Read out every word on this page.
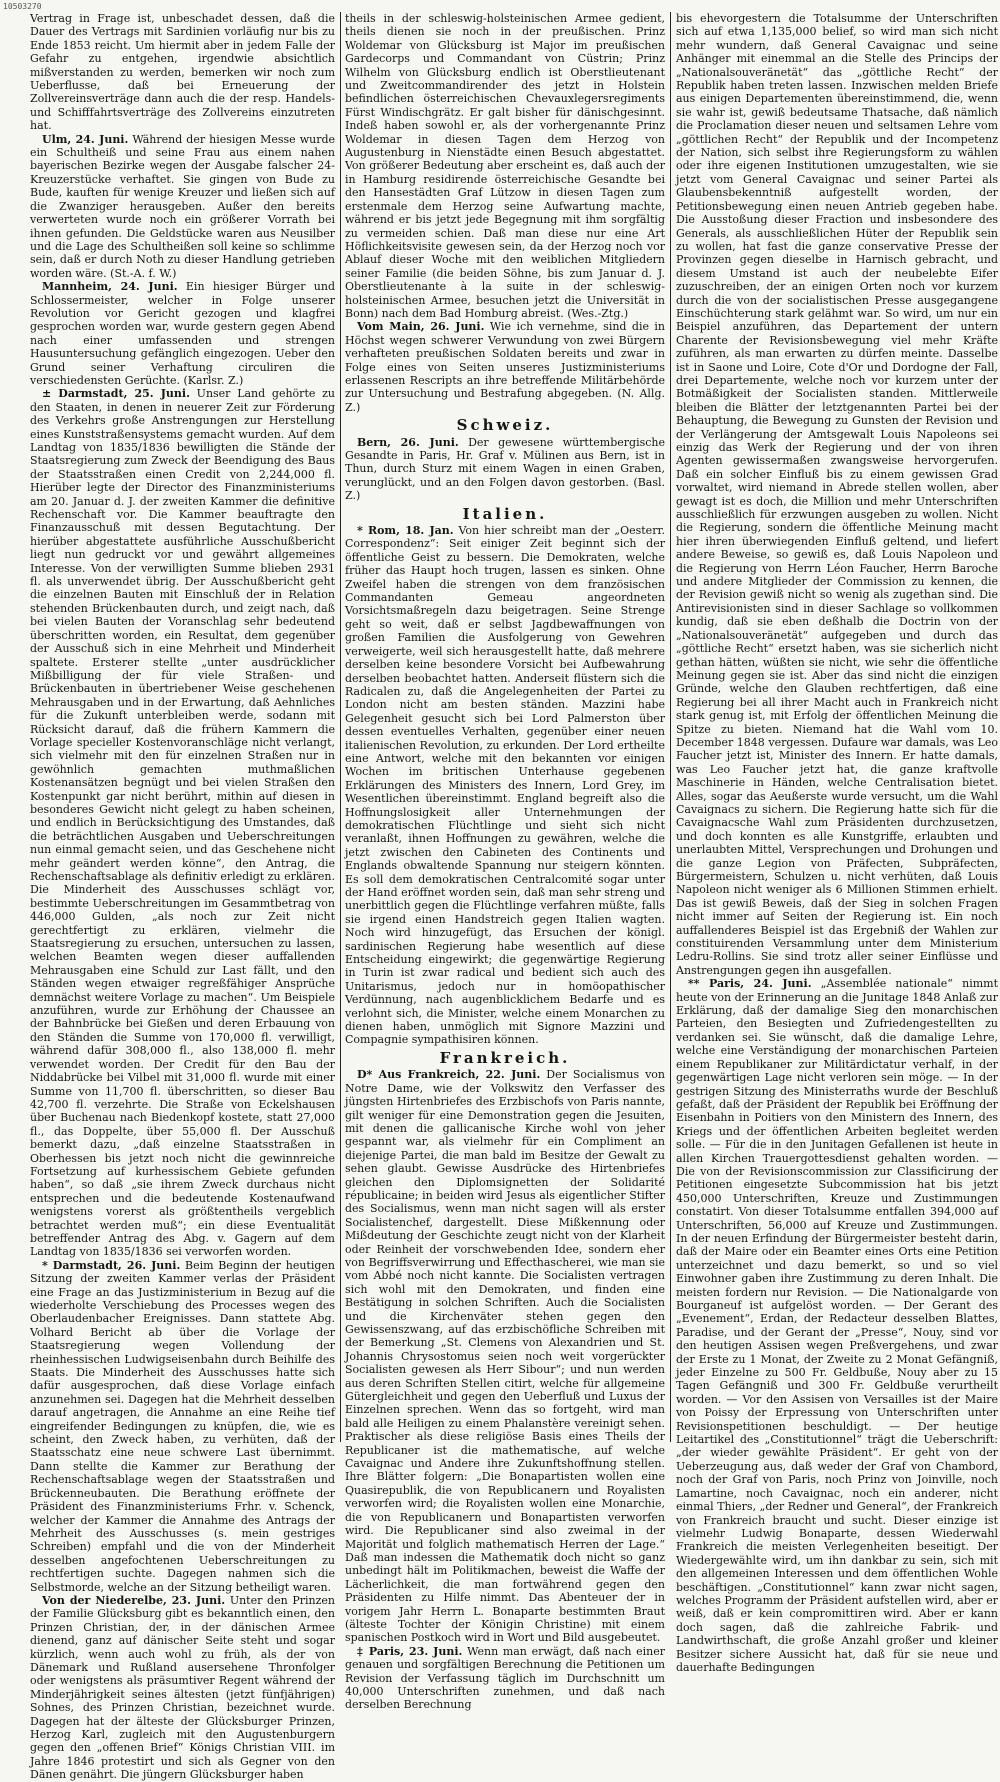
10503270

Vertrag in Frage ist, unbeschadet dessen, daß die Dauer des Vertrags mit Sardinien vorläufig nur bis zu Ende 1853 reicht. Um hiermit aber in jedem Falle der Gefahr zu entgehen, irgendwie absichtlich mißverstanden zu werden, bemerken wir noch zum Ueberflusse, daß bei Erneuerung der Zollvereinsverträge dann auch die der resp. Handels- und Schifffahrtsverträge des Zollvereins einzutreten hat.

Ulm, 24. Juni. Während der hiesigen Messe wurde ein Schultheiß und seine Frau aus einem nahen bayerischen Bezirke wegen der Ausgabe falscher 24-Kreuzerstücke verhaftet. Sie gingen von Bude zu Bude, kauften für wenige Kreuzer und ließen sich auf die Zwanziger herausgeben. Außer den bereits verwerteten wurde noch ein größerer Vorrath bei ihnen gefunden. Die Geldstücke waren aus Neusilber und die Lage des Schultheißen soll keine so schlimme sein, daß er durch Noth zu dieser Handlung getrieben worden wäre. (St.-A. f. W.)

Mannheim, 24. Juni. Ein hiesiger Bürger und Schlossermeister, welcher in Folge unserer Revolution vor Gericht gezogen und klagfrei gesprochen worden war, wurde gestern gegen Abend nach einer umfassenden und strengen Hausuntersuchung gefänglich eingezogen. Ueber den Grund seiner Verhaftung circuliren die verschiedensten Gerüchte. (Karlsr. Z.)

± Darmstadt, 25. Juni. Unser Land gehörte zu den Staaten, in denen in neuerer Zeit zur Förderung des Verkehrs große Anstrengungen zur Herstellung eines Kunststraßensystems gemacht wurden. Auf dem Landtag von 1835/1836 bewilligten die Stände der Staatsregierung zum Zweck der Beendigung des Baus der Staatsstraßen einen Credit von 2,244,000 fl. Hierüber legte der Director des Finanzministeriums am 20. Januar d. J. der zweiten Kammer die definitive Rechenschaft vor. Die Kammer beauftragte den Finanzausschuß mit dessen Begutachtung. Der hierüber abgestattete ausführliche Ausschußbericht liegt nun gedruckt vor und gewährt allgemeines Interesse. Von der verwilligten Summe blieben 2931 fl. als unverwendet übrig. Der Ausschußbericht geht die einzelnen Bauten mit Einschluß der in Relation stehenden Brückenbauten durch, und zeigt nach, daß bei vielen Bauten der Voranschlag sehr bedeutend überschritten worden, ein Resultat, dem gegenüber der Ausschuß sich in eine Mehrheit und Minderheit spaltete. Ersterer stellte „unter ausdrücklicher Mißbilligung der für viele Straßen- und Brückenbauten in übertriebener Weise geschehenen Mehrausgaben und in der Erwartung, daß Aehnliches für die Zukunft unterbleiben werde, sodann mit Rücksicht darauf, daß die frühern Kammern die Vorlage specieller Kostenvoranschläge nicht verlangt, sich vielmehr mit den für einzelnen Straßen nur in gewöhnlich gemachten muthmaßlichen Kostenansätzen begnügt und bei vielen Straßen den Kostenpunkt gar nicht berührt, mithin auf diesen in besonderes Gewicht nicht gelegt zu haben scheinen, und endlich in Berücksichtigung des Umstandes, daß die beträchtlichen Ausgaben und Ueberschreitungen nun einmal gemacht seien, und das Geschehene nicht mehr geändert werden könne“, den Antrag, die Rechenschaftsablage als definitiv erledigt zu erklären. Die Minderheit des Ausschusses schlägt vor, bestimmte Ueberschreitungen im Gesammtbetrag von 446,000 Gulden, „als noch zur Zeit nicht gerechtfertigt zu erklären, vielmehr die Staatsregierung zu ersuchen, untersuchen zu lassen, welchen Beamten wegen dieser auffallenden Mehrausgaben eine Schuld zur Last fällt, und den Ständen wegen etwaiger regreßfähiger Ansprüche demnächst weitere Vorlage zu machen“. Um Beispiele anzuführen, wurde zur Erhöhung der Chaussee an der Bahnbrücke bei Gießen und deren Erbauung von den Ständen die Summe von 170,000 fl. verwilligt, während dafür 308,000 fl., also 138,000 fl. mehr verwendet worden. Der Credit für den Bau der Niddabrücke bei Vilbel mit 31,000 fl. wurde mit einer Summe von 11,700 fl. überschritten, so dieser Bau 42,700 fl. verzehrte. Die Straße von Eckelshausen über Buchenau nach Biedenkopf kostete, statt 27,000 fl., das Doppelte, über 55,000 fl. Der Ausschuß bemerkt dazu, „daß einzelne Staatsstraßen in Oberhessen bis jetzt noch nicht die gewinnreiche Fortsetzung auf kurhessischem Gebiete gefunden haben“, so daß „sie ihrem Zweck durchaus nicht entsprechen und die bedeutende Kostenaufwand wenigstens vorerst als größtentheils vergeblich betrachtet werden muß“; ein diese Eventualität betreffender Antrag des Abg. v. Gagern auf dem Landtag von 1835/1836 sei verworfen worden.

* Darmstadt, 26. Juni. Beim Beginn der heutigen Sitzung der zweiten Kammer verlas der Präsident eine Frage an das Justizministerium in Bezug auf die wiederholte Verschiebung des Processes wegen des Oberlaudenbacher Ereignisses. Dann stattete Abg. Volhard Bericht ab über die Vorlage der Staatsregierung wegen Vollendung der rheinhessischen Ludwigseisenbahn durch Beihilfe des Staats. Die Minderheit des Ausschusses hatte sich dafür ausgesprochen, daß diese Vorlage einfach anzunehmen sei. Dagegen hat die Mehrheit desselben darauf angetragen, die Annahme an eine Reihe tief eingreifender Bedingungen zu knüpfen, die, wie es scheint, den Zweck haben, zu verhüten, daß der Staatsschatz eine neue schwere Last übernimmt. Dann stellte die Kammer zur Berathung der Rechenschaftsablage wegen der Staatsstraßen und Brückenneubauten. Die Berathung eröffnete der Präsident des Finanzministeriums Frhr. v. Schenck, welcher der Kammer die Annahme des Antrags der Mehrheit des Ausschusses (s. mein gestriges Schreiben) empfahl und die von der Minderheit desselben angefochtenen Ueberschreitungen zu rechtfertigen suchte. Dagegen nahmen sich die Selbstmorde, welche an der Sitzung betheiligt waren.

Von der Niederelbe, 23. Juni. Unter den Prinzen der Familie Glücksburg gibt es bekanntlich einen, den Prinzen Christian, der, in der dänischen Armee dienend, ganz auf dänischer Seite steht und sogar kürzlich, wenn auch wohl zu früh, als der von Dänemark und Rußland ausersehene Thronfolger oder wenigstens als präsumtiver Regent während der Minderjährigkeit seines ältesten (jetzt fünfjährigen) Sohnes, des Prinzen Christian, bezeichnet wurde. Dagegen hat der älteste der Glücksburger Prinzen, Herzog Karl, zugleich mit den Augustenburgern gegen den „offenen Brief“ Königs Christian VIII. im Jahre 1846 protestirt und sich als Gegner von den Dänen genährt. Die jüngern Glücksburger haben

theils in der schleswig-holsteinischen Armee gedient, theils dienen sie noch in der preußischen. Prinz Woldemar von Glücksburg ist Major im preußischen Gardecorps und Commandant von Cüstrin; Prinz Wilhelm von Glücksburg endlich ist Oberstlieutenant und Zweitcommandirender des jetzt in Holstein befindlichen österreichischen Chevauxlegersregiments Fürst Windischgrätz. Er galt bisher für dänischgesinnt. Indeß haben sowohl er, als der vorhergenannte Prinz Woldemar in diesen Tagen dem Herzog von Augustenburg in Nienstädte einen Besuch abgestattet. Von größerer Bedeutung aber erscheint es, daß auch der in Hamburg residirende österreichische Gesandte bei den Hansestädten Graf Lützow in diesen Tagen zum erstenmale dem Herzog seine Aufwartung machte, während er bis jetzt jede Begegnung mit ihm sorgfältig zu vermeiden schien. Daß man diese nur eine Art Höflichkeitsvisite gewesen sein, da der Herzog noch vor Ablauf dieser Woche mit den weiblichen Mitgliedern seiner Familie (die beiden Söhne, bis zum Januar d. J. Oberstlieutenante à la suite in der schleswig-holsteinischen Armee, besuchen jetzt die Universität in Bonn) nach dem Bad Homburg abreist. (Wes.-Ztg.)

Vom Main, 26. Juni. Wie ich vernehme, sind die in Höchst wegen schwerer Verwundung von zwei Bürgern verhafteten preußischen Soldaten bereits und zwar in Folge eines von Seiten unseres Justizministeriums erlassenen Rescripts an ihre betreffende Militärbehörde zur Untersuchung und Bestrafung abgegeben. (N. Allg. Z.)

Schweiz.

Bern, 26. Juni. Der gewesene württembergische Gesandte in Paris, Hr. Graf v. Mülinen aus Bern, ist in Thun, durch Sturz mit einem Wagen in einen Graben, verunglückt, und an den Folgen davon gestorben. (Basl. Z.)

Italien.

* Rom, 18. Jan. Von hier schreibt man der „Oesterr. Correspondenz“: Seit einiger Zeit beginnt sich der öffentliche Geist zu bessern. Die Demokraten, welche früher das Haupt hoch trugen, lassen es sinken. Ohne Zweifel haben die strengen von dem französischen Commandanten Gemeau angeordneten Vorsichtsmaßregeln dazu beigetragen. Seine Strenge geht so weit, daß er selbst Jagdbewaffnungen von großen Familien die Ausfolgerung von Gewehren verweigerte, weil sich herausgestellt hatte, daß mehrere derselben keine besondere Vorsicht bei Aufbewahrung derselben beobachtet hatten. Anderseit flüstern sich die Radicalen zu, daß die Angelegenheiten der Partei zu London nicht am besten ständen. Mazzini habe Gelegenheit gesucht sich bei Lord Palmerston über dessen eventuelles Verhalten, gegenüber einer neuen italienischen Revolution, zu erkunden. Der Lord ertheilte eine Antwort, welche mit den bekannten vor einigen Wochen im britischen Unterhause gegebenen Erklärungen des Ministers des Innern, Lord Grey, im Wesentlichen übereinstimmt. England begreift also die Hoffnungslosigkeit aller Unternehmungen der demokratischen Flüchtlinge und sieht sich nicht veranlaßt, ihnen Hoffnungen zu gewähren, welche die jetzt zwischen den Cabineten des Continents und Englands obwaltende Spannung nur steigern könnten. Es soll dem demokratischen Centralcomité sogar unter der Hand eröffnet worden sein, daß man sehr streng und unerbittlich gegen die Flüchtlinge verfahren müßte, falls sie irgend einen Handstreich gegen Italien wagten. Noch wird hinzugefügt, das Ersuchen der königl. sardinischen Regierung habe wesentlich auf diese Entscheidung eingewirkt; die gegenwärtige Regierung in Turin ist zwar radical und bedient sich auch des Unitarismus, jedoch nur in homöopathischer Verdünnung, nach augenblicklichem Bedarfe und es verlohnt sich, die Minister, welche einem Monarchen zu dienen haben, unmöglich mit Signore Mazzini und Compagnie sympathisiren können.

Frankreich.

D* Aus Frankreich, 22. Juni. Der Socialismus von Notre Dame, wie der Volkswitz den Verfasser des jüngsten Hirtenbriefes des Erzbischofs von Paris nannte, gilt weniger für eine Demonstration gegen die Jesuiten, mit denen die gallicanische Kirche wohl von jeher gespannt war, als vielmehr für ein Compliment an diejenige Partei, die man bald im Besitze der Gewalt zu sehen glaubt. Gewisse Ausdrücke des Hirtenbriefes gleichen den Diplomsignetten der Solidarité républicaine; in beiden wird Jesus als eigentlicher Stifter des Socialismus, wenn man nicht sagen will als erster Socialistenchef, dargestellt. Diese Mißkennung oder Mißdeutung der Geschichte zeugt nicht von der Klarheit oder Reinheit der vorschwebenden Idee, sondern eher von Begriffsverwirrung und Effecthascherei, wie man sie vom Abbé noch nicht kannte. Die Socialisten vertragen sich wohl mit den Demokraten, und finden eine Bestätigung in solchen Schriften. Auch die Socialisten und die Kirchenväter stehen gegen den Gewissenszwang, auf das erzbischöfliche Schreiben mit der Bemerkung „St. Clemens von Alexandrien und St. Johannis Chrysostomus seien noch weit vorgerückter Socialisten gewesen als Herr Sibour“; und nun werden aus deren Schriften Stellen citirt, welche für allgemeine Gütergleichheit und gegen den Ueberfluß und Luxus der Einzelnen sprechen. Wenn das so fortgeht, wird man bald alle Heiligen zu einem Phalanstère vereinigt sehen. Praktischer als diese religiöse Basis eines Theils der Republicaner ist die mathematische, auf welche Cavaignac und Andere ihre Zukunftshoffnung stellen. Ihre Blätter folgern: „Die Bonapartisten wollen eine Quasirepublik, die von Republicanern und Royalisten verworfen wird; die Royalisten wollen eine Monarchie, die von Republicanern und Bonapartisten verworfen wird. Die Republicaner sind also zweimal in der Majorität und folglich mathematisch Herren der Lage.“ Daß man indessen die Mathematik doch nicht so ganz unbedingt hält im Politikmachen, beweist die Waffe der Lächerlichkeit, die man fortwährend gegen den Präsidenten zu Hilfe nimmt. Das Abenteuer der in vorigem Jahr Herrn L. Bonaparte bestimmten Braut (älteste Tochter der Königin Christine) mit einem spanischen Postkoch wird in Wort und Bild ausgebeutet.

‡ Paris, 23. Juni. Wenn man erwägt, daß nach einer genauen und sorgfältigen Berechnung die Petitionen um Revision der Verfassung täglich im Durchschnitt um 40,000 Unterschriften zunehmen, und daß nach derselben Berechnung

bis ehevorgestern die Totalsumme der Unterschriften sich auf etwa 1,135,000 belief, so wird man sich nicht mehr wundern, daß General Cavaignac und seine Anhänger mit einemmal an die Stelle des Princips der „Nationalsouveränetät“ das „göttliche Recht“ der Republik haben treten lassen. Inzwischen melden Briefe aus einigen Departementen übereinstimmend, die, wenn sie wahr ist, gewiß bedeutsame Thatsache, daß nämlich die Proclamation dieser neuen und seltsamen Lehre vom „göttlichen Recht“ der Republik und der Incompetenz der Nation, sich selbst ihre Regierungsform zu wählen oder ihre eigenen Institutionen umzugestalten, wie sie jetzt vom General Cavaignac und seiner Partei als Glaubensbekenntniß aufgestellt worden, der Petitionsbewegung einen neuen Antrieb gegeben habe. Die Ausstoßung dieser Fraction und insbesondere des Generals, als ausschließlichen Hüter der Republik sein zu wollen, hat fast die ganze conservative Presse der Provinzen gegen dieselbe in Harnisch gebracht, und diesem Umstand ist auch der neubelebte Eifer zuzuschreiben, der an einigen Orten noch vor kurzem durch die von der socialistischen Presse ausgegangene Einschüchterung stark gelähmt war. So wird, um nur ein Beispiel anzuführen, das Departement der untern Charente der Revisionsbewegung viel mehr Kräfte zuführen, als man erwarten zu dürfen meinte. Dasselbe ist in Saone und Loire, Cote d'Or und Dordogne der Fall, drei Departemente, welche noch vor kurzem unter der Botmäßigkeit der Socialisten standen. Mittlerweile bleiben die Blätter der letztgenannten Partei bei der Behauptung, die Bewegung zu Gunsten der Revision und der Verlängerung der Amtsgewalt Louis Napoleons sei einzig das Werk der Regierung und der von ihren Agenten gewissermaßen zwangsweise hervorgerufen. Daß ein solcher Einfluß bis zu einem gewissen Grad vorwaltet, wird niemand in Abrede stellen wollen, aber gewagt ist es doch, die Million und mehr Unterschriften ausschließlich für erzwungen ausgeben zu wollen. Nicht die Regierung, sondern die öffentliche Meinung macht hier ihren überwiegenden Einfluß geltend, und liefert andere Beweise, so gewiß es, daß Louis Napoleon und die Regierung von Herrn Léon Faucher, Herrn Baroche und andere Mitglieder der Commission zu kennen, die der Revision gewiß nicht so wenig als zugethan sind. Die Antirevisionisten sind in dieser Sachlage so vollkommen kundig, daß sie eben deßhalb die Doctrin von der „Nationalsouveränetät“ aufgegeben und durch das „göttliche Recht“ ersetzt haben, was sie sicherlich nicht gethan hätten, wüßten sie nicht, wie sehr die öffentliche Meinung gegen sie ist. Aber das sind nicht die einzigen Gründe, welche den Glauben rechtfertigen, daß eine Regierung bei all ihrer Macht auch in Frankreich nicht stark genug ist, mit Erfolg der öffentlichen Meinung die Spitze zu bieten. Niemand hat die Wahl vom 10. December 1848 vergessen. Dufaure war damals, was Leo Faucher jetzt ist, Minister des Innern. Er hatte damals, was Leo Faucher jetzt hat, die ganze kraftvolle Maschinerie in Händen, welche Centralisation bietet. Alles, sogar das Aeußerste wurde versucht, um die Wahl Cavaignacs zu sichern. Die Regierung hatte sich für die Cavaignacsche Wahl zum Präsidenten durchzusetzen, und doch konnten es alle Kunstgriffe, erlaubten und unerlaubten Mittel, Versprechungen und Drohungen und die ganze Legion von Präfecten, Subpräfecten, Bürgermeistern, Schulzen u. nicht verhüten, daß Louis Napoleon nicht weniger als 6 Millionen Stimmen erhielt. Das ist gewiß Beweis, daß der Sieg in solchen Fragen nicht immer auf Seiten der Regierung ist. Ein noch auffallenderes Beispiel ist das Ergebniß der Wahlen zur constituirenden Versammlung unter dem Ministerium Ledru-Rollins. Sie sind trotz aller seiner Einflüsse und Anstrengungen gegen ihn ausgefallen.

** Paris, 24. Juni. „Assemblée nationale“ nimmt heute von der Erinnerung an die Junitage 1848 Anlaß zur Erklärung, daß der damalige Sieg den monarchischen Parteien, den Besiegten und Zufriedengestellten zu verdanken sei. Sie wünscht, daß die damalige Lehre, welche eine Verständigung der monarchischen Parteien einem Republikaner zur Militärdictatur verhalf, in der gegenwärtigen Lage nicht verloren sein möge. — In der gestrigen Sitzung des Ministerraths wurde der Beschluß gefaßt, daß der Präsident der Republik bei Eröffnung der Eisenbahn in Poitiers von den Ministern des Innern, des Kriegs und der öffentlichen Arbeiten begleitet werden solle. — Für die in den Junitagen Gefallenen ist heute in allen Kirchen Trauergottesdienst gehalten worden. — Die von der Revisionscommission zur Classificirung der Petitionen eingesetzte Subcommission hat bis jetzt 450,000 Unterschriften, Kreuze und Zustimmungen constatirt. Von dieser Totalsumme entfallen 394,000 auf Unterschriften, 56,000 auf Kreuze und Zustimmungen. In der neuen Erfindung der Bürgermeister besteht darin, daß der Maire oder ein Beamter eines Orts eine Petition unterzeichnet und dazu bemerkt, so und so viel Einwohner gaben ihre Zustimmung zu deren Inhalt. Die meisten fordern nur Revision. — Die Nationalgarde von Bourganeuf ist aufgelöst worden. — Der Gerant des „Evenement“, Erdan, der Redacteur desselben Blattes, Paradise, und der Gerant der „Presse“, Nouy, sind vor den heutigen Assisen wegen Preßvergehens, und zwar der Erste zu 1 Monat, der Zweite zu 2 Monat Gefängniß, jeder Einzelne zu 500 Fr. Geldbuße, Nouy aber zu 15 Tagen Gefängniß und 300 Fr. Geldbuße verurtheilt worden. — Vor den Assisen von Versailles ist der Maire von Poissy der Erpressung von Unterschriften unter Revisionspetitionen beschuldigt. — Der heutige Leitartikel des „Constitutionnel“ trägt die Ueberschrift: „der wieder gewählte Präsident“. Er geht von der Ueberzeugung aus, daß weder der Graf von Chambord, noch der Graf von Paris, noch Prinz von Joinville, noch Lamartine, noch Cavaignac, noch ein anderer, nicht einmal Thiers, „der Redner und General“, der Frankreich von Frankreich braucht und sucht. Dieser einzige ist vielmehr Ludwig Bonaparte, dessen Wiederwahl Frankreich die meisten Verlegenheiten beseitigt. Der Wiedergewählte wird, um ihn dankbar zu sein, sich mit den allgemeinen Interessen und dem öffentlichen Wohle beschäftigen. „Constitutionnel“ kann zwar nicht sagen, welches Programm der Präsident aufstellen wird, aber er weiß, daß er kein compromittiren wird. Aber er kann doch sagen, daß die zahlreiche Fabrik- und Landwirthschaft, die große Anzahl großer und kleiner Besitzer sichere Aussicht hat, daß für sie neue und dauerhafte Bedingungen
